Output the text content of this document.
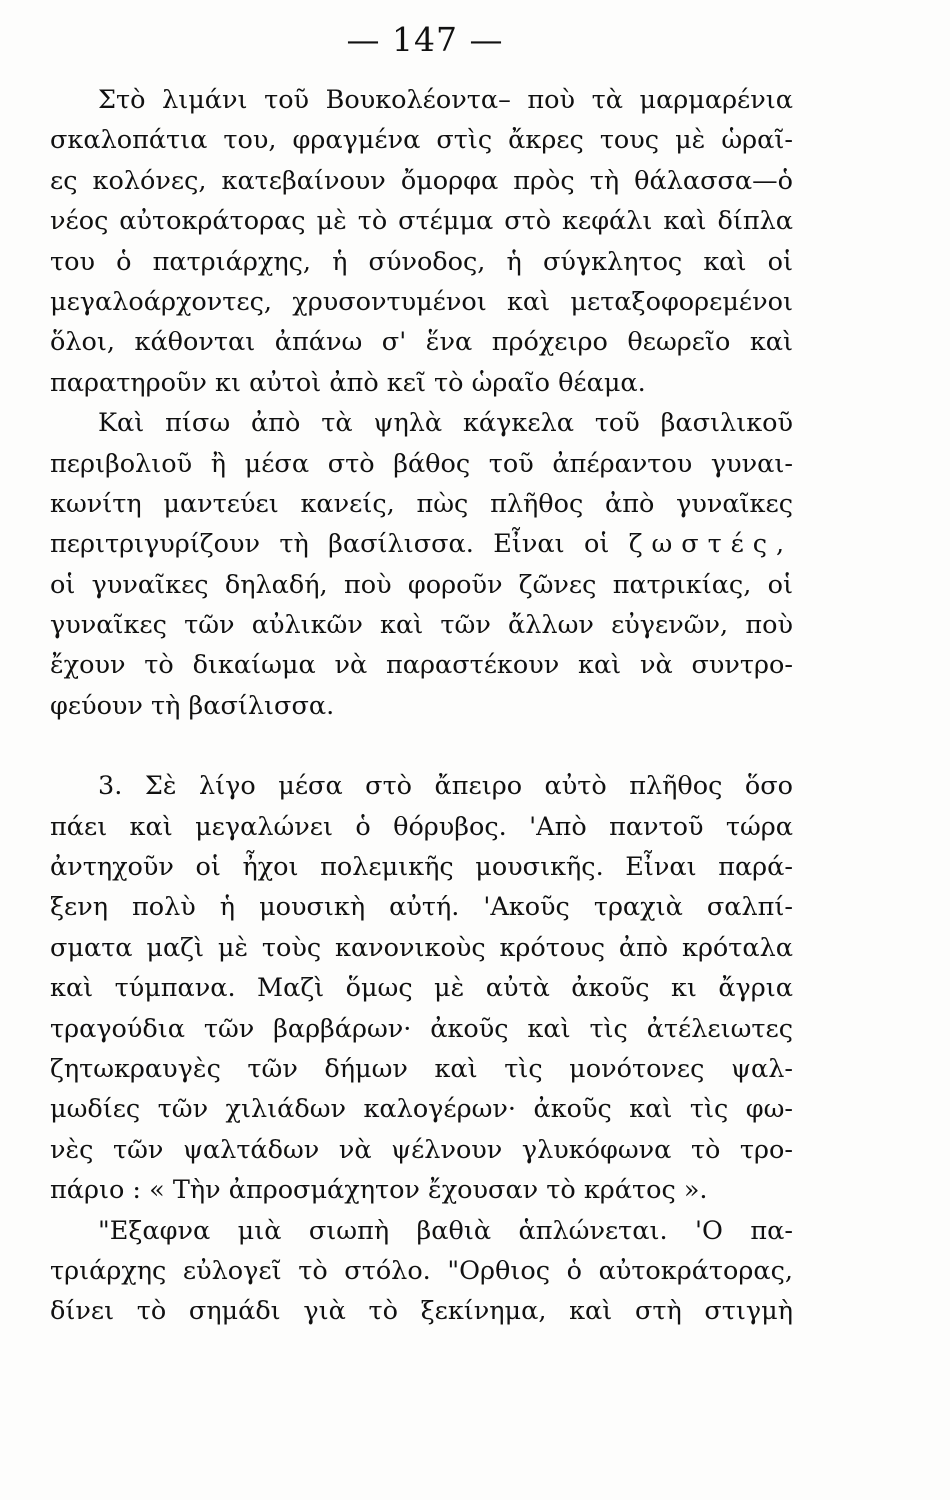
— 147 —
Στὸ λιμάνι τοῦ Βουκολέοντα– ποὺ τὰ μαρμαρένια
σκαλοπάτια του, φραγμένα στὶς ἄκρες τους μὲ ὡραῖ-
ες κολόνες, κατεβαίνουν ὄμορφα πρὸς τὴ θάλασσα—ὁ
νέος αὐτοκράτορας μὲ τὸ στέμμα στὸ κεφάλι καὶ δίπλα
του ὁ πατριάρχης, ἡ σύνοδος, ἡ σύγκλητος καὶ οἱ
μεγαλοάρχοντες, χρυσοντυμένοι καὶ μεταξοφορεμένοι
ὅλοι, κάθονται ἀπάνω σ' ἕνα πρόχειρο θεωρεῖο καὶ
παρατηροῦν κι αὐτοὶ ἀπὸ κεῖ τὸ ὡραῖο θέαμα.
Καὶ πίσω ἀπὸ τὰ ψηλὰ κάγκελα τοῦ βασιλικοῦ
περιβολιοῦ ἢ μέσα στὸ βάθος τοῦ ἀπέραντου γυναι-
κωνίτη μαντεύει κανείς, πὼς πλῆθος ἀπὸ γυναῖκες
περιτριγυρίζουν τὴ βασίλισσα. Εἶναι οἱ ζωστές,
οἱ γυναῖκες δηλαδή, ποὺ φοροῦν ζῶνες πατρικίας, οἱ
γυναῖκες τῶν αὐλικῶν καὶ τῶν ἄλλων εὐγενῶν, ποὺ
ἔχουν τὸ δικαίωμα νὰ παραστέκουν καὶ νὰ συντρο-
φεύουν τὴ βασίλισσα.
3. Σὲ λίγο μέσα στὸ ἄπειρο αὐτὸ πλῆθος ὅσο
πάει καὶ μεγαλώνει ὁ θόρυβος. 'Απὸ παντοῦ τώρα
ἀντηχοῦν οἱ ἦχοι πολεμικῆς μουσικῆς. Εἶναι παρά-
ξενη πολὺ ἡ μουσικὴ αὐτή. 'Ακοῦς τραχιὰ σαλπί-
σματα μαζὶ μὲ τοὺς κανονικοὺς κρότους ἀπὸ κρόταλα
καὶ τύμπανα. Μαζὶ ὅμως μὲ αὐτὰ ἀκοῦς κι ἄγρια
τραγούδια τῶν βαρβάρων· ἀκοῦς καὶ τὶς ἀτέλειωτες
ζητωκραυγὲς τῶν δήμων καὶ τὶς μονότονες ψαλ-
μωδίες τῶν χιλιάδων καλογέρων· ἀκοῦς καὶ τὶς φω-
νὲς τῶν ψαλτάδων νὰ ψέλνουν γλυκόφωνα τὸ τρο-
πάριο : « Τὴν ἀπροσμάχητον ἔχουσαν τὸ κράτος ».
"Εξαφνα μιὰ σιωπὴ βαθιὰ ἁπλώνεται. 'Ο πα-
τριάρχης εὐλογεῖ τὸ στόλο. "Ορθιος ὁ αὐτοκράτορας,
δίνει τὸ σημάδι γιὰ τὸ ξεκίνημα, καὶ στὴ στιγμὴ
